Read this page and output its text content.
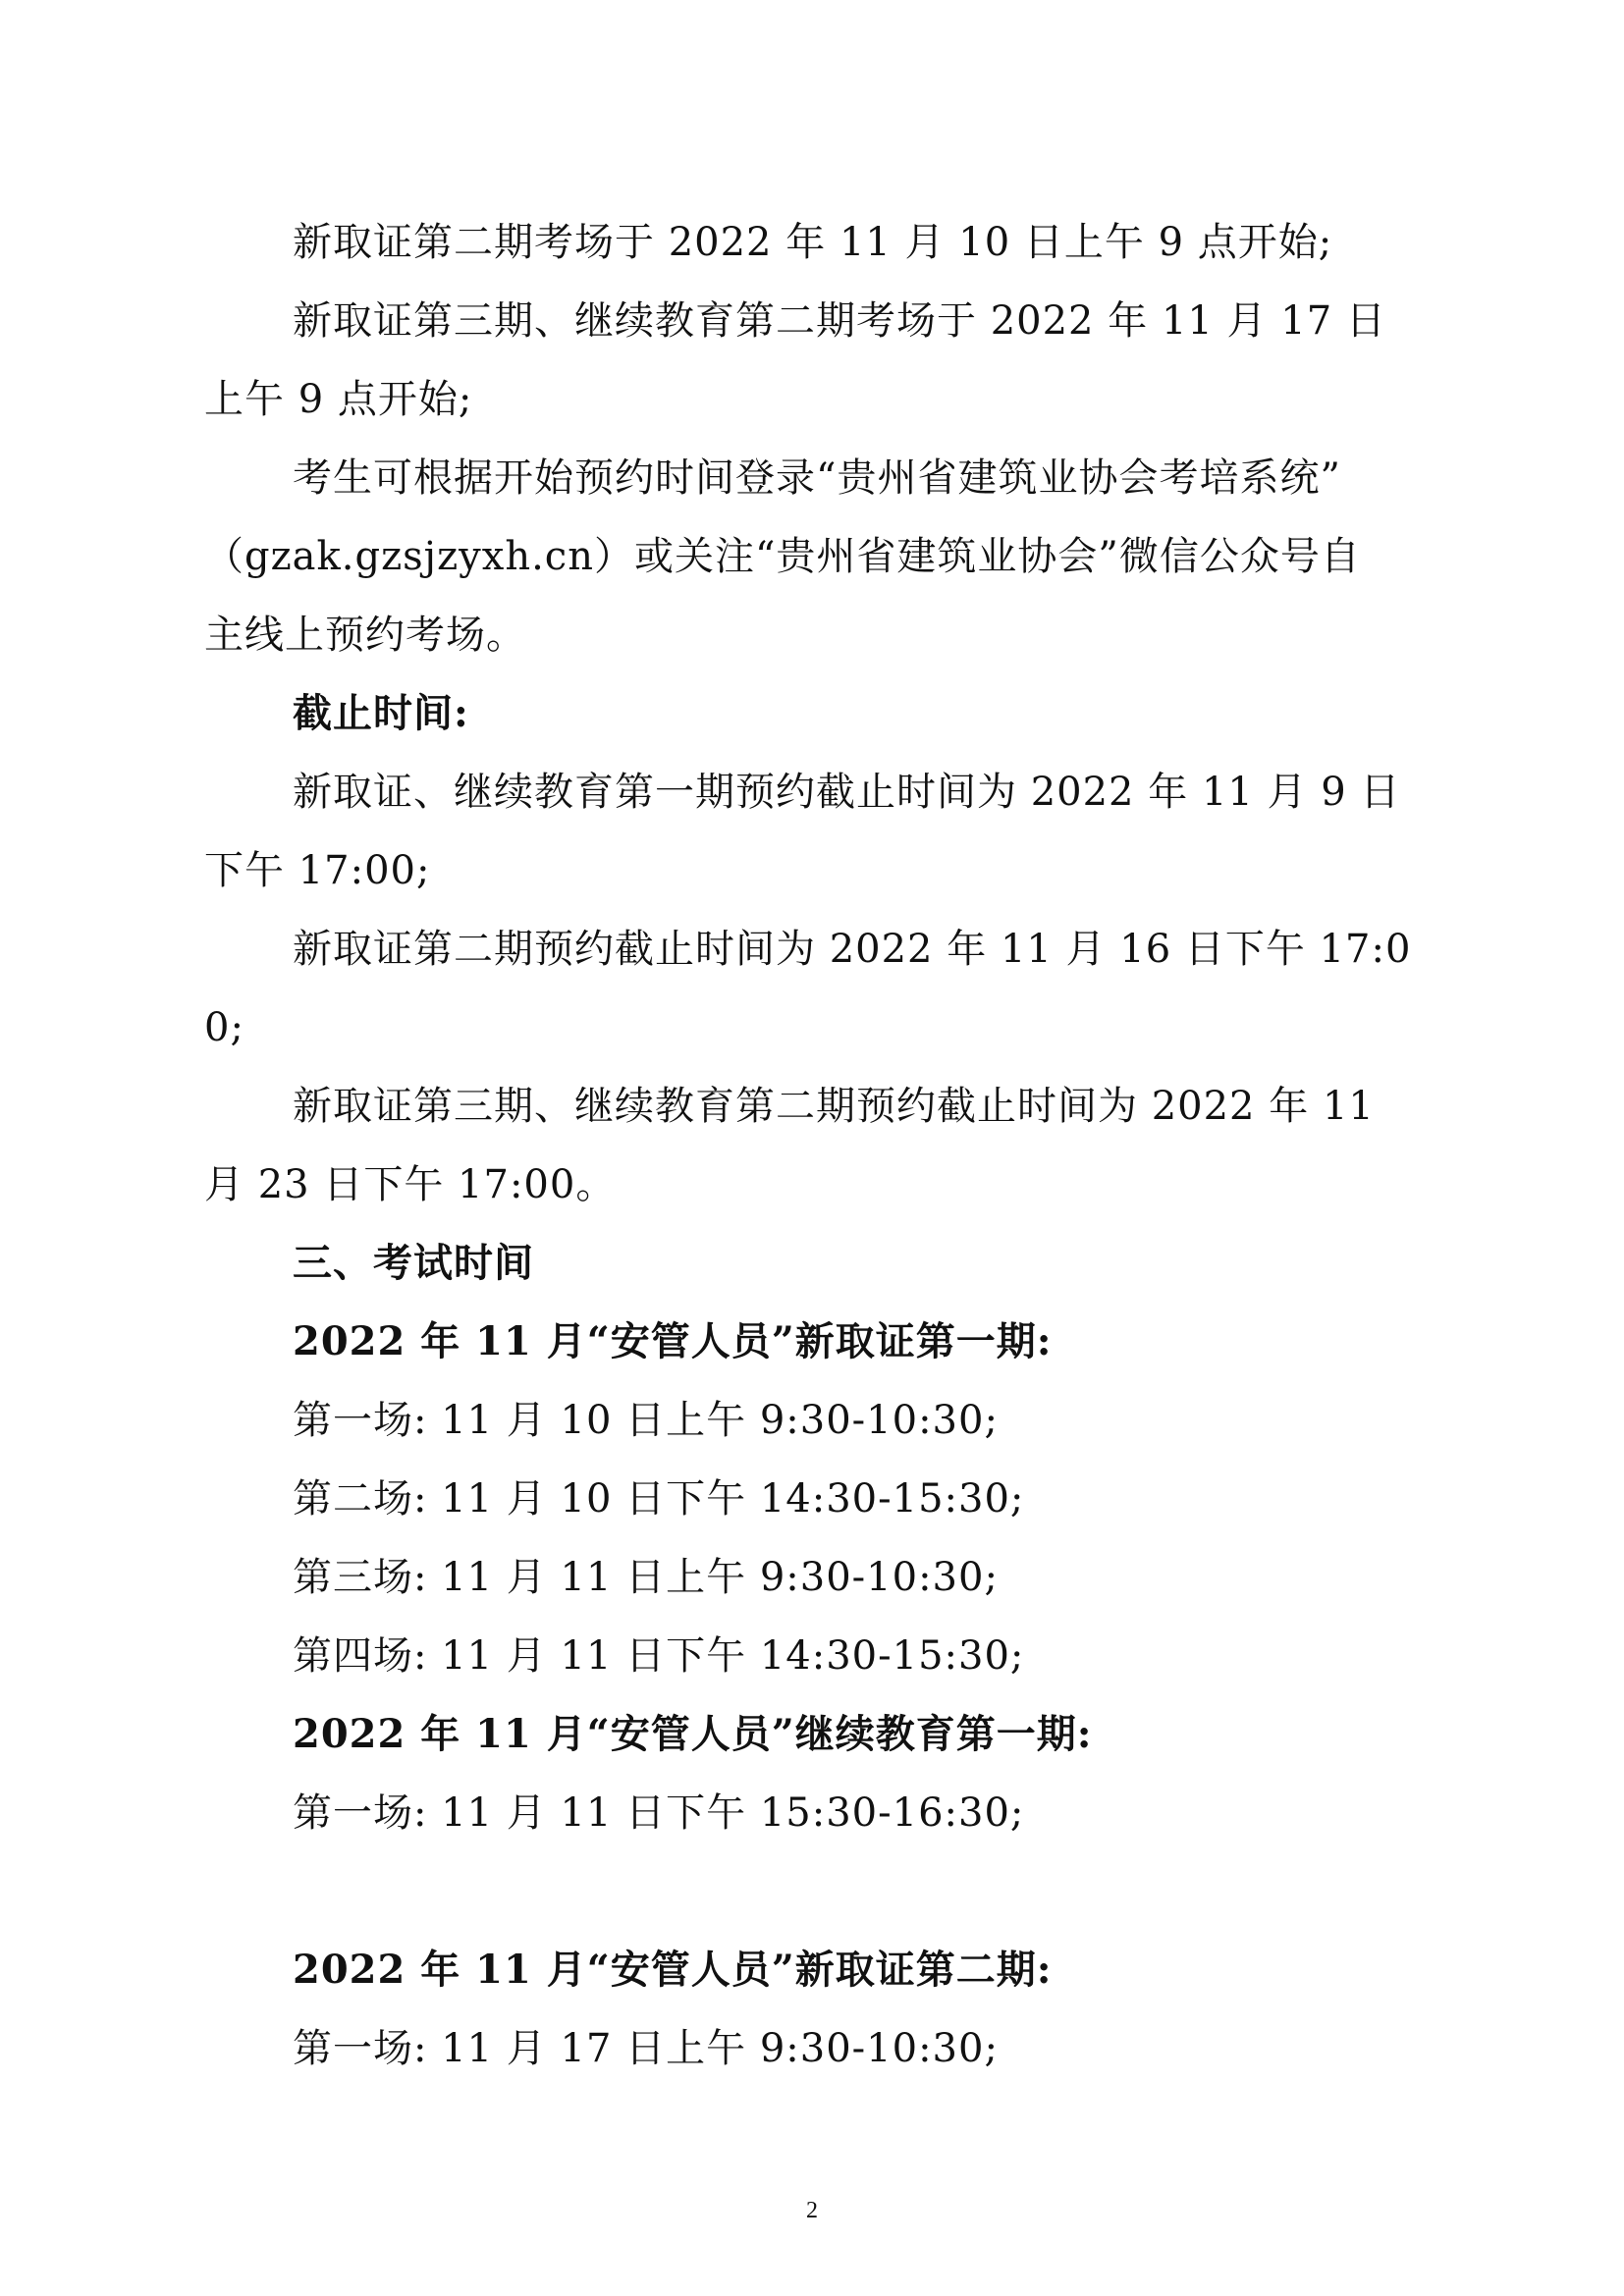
新取证第二期考场于 2022 年 11 月 10 日上午 9 点开始;
新取证第三期、继续教育第二期考场于 2022 年 11 月 17 日
上午 9 点开始;
考生可根据开始预约时间登录“贵州省建筑业协会考培系统”
（gzak.gzsjzyxh.cn）或关注“贵州省建筑业协会”微信公众号自
主线上预约考场。
截止时间:
新取证、继续教育第一期预约截止时间为 2022 年 11 月 9 日
下午 17:00;
新取证第二期预约截止时间为 2022 年 11 月 16 日下午 17:0
0;
新取证第三期、继续教育第二期预约截止时间为 2022 年 11
月 23 日下午 17:00。
三、考试时间
2022 年 11 月“安管人员”新取证第一期:
第一场: 11 月 10 日上午 9:30-10:30;
第二场: 11 月 10 日下午 14:30-15:30;
第三场: 11 月 11 日上午 9:30-10:30;
第四场: 11 月 11 日下午 14:30-15:30;
2022 年 11 月“安管人员”继续教育第一期:
第一场: 11 月 11 日下午 15:30-16:30;
2022 年 11 月“安管人员”新取证第二期:
第一场: 11 月 17 日上午 9:30-10:30;
2
